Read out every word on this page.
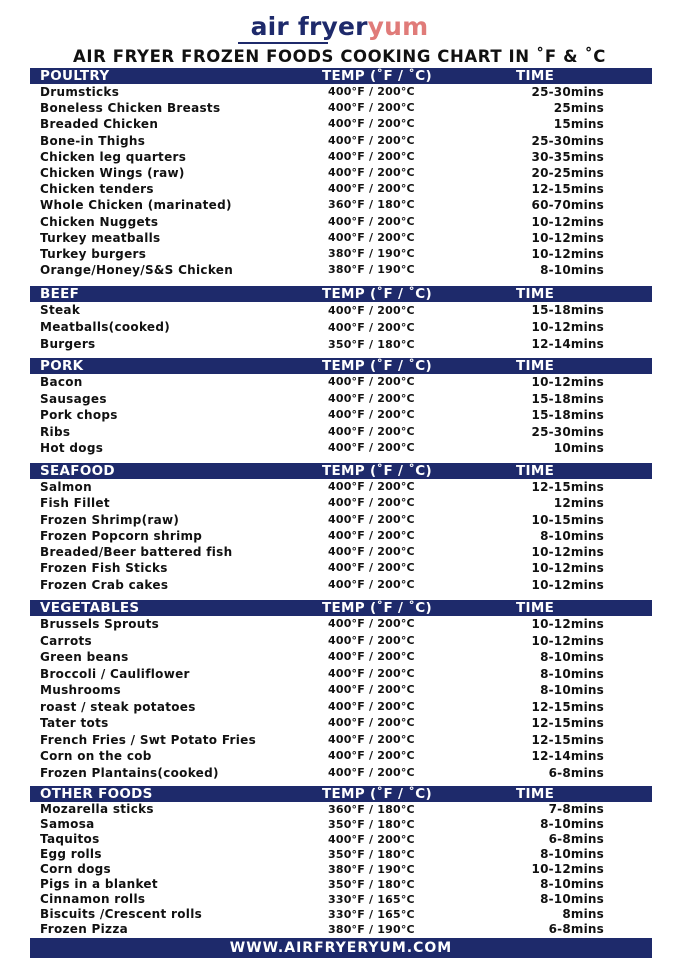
air fryeryum
AIR FRYER FROZEN FOODS COOKING CHART IN ˚F & ˚C
POULTRY	TEMP (˚F / ˚C)	TIME
Drumsticks	400°F / 200°C	25-30mins
Boneless Chicken Breasts	400°F / 200°C	25mins
Breaded Chicken	400°F / 200°C	15mins
Bone-in Thighs	400°F / 200°C	25-30mins
Chicken leg quarters	400°F / 200°C	30-35mins
Chicken Wings (raw)	400°F / 200°C	20-25mins
Chicken tenders	400°F / 200°C	12-15mins
Whole Chicken (marinated)	360°F / 180°C	60-70mins
Chicken Nuggets	400°F / 200°C	10-12mins
Turkey meatballs	400°F / 200°C	10-12mins
Turkey burgers	380°F / 190°C	10-12mins
Orange/Honey/S&S Chicken	380°F / 190°C	8-10mins
BEEF	TEMP (˚F / ˚C)	TIME
Steak	400°F / 200°C	15-18mins
Meatballs(cooked)	400°F / 200°C	10-12mins
Burgers	350°F / 180°C	12-14mins
PORK	TEMP (˚F / ˚C)	TIME
Bacon	400°F / 200°C	10-12mins
Sausages	400°F / 200°C	15-18mins
Pork chops	400°F / 200°C	15-18mins
Ribs	400°F / 200°C	25-30mins
Hot dogs	400°F / 200°C	10mins
SEAFOOD	TEMP (˚F / ˚C)	TIME
Salmon	400°F / 200°C	12-15mins
Fish Fillet	400°F / 200°C	12mins
Frozen Shrimp(raw)	400°F / 200°C	10-15mins
Frozen Popcorn shrimp	400°F / 200°C	8-10mins
Breaded/Beer battered fish	400°F / 200°C	10-12mins
Frozen Fish Sticks	400°F / 200°C	10-12mins
Frozen Crab cakes	400°F / 200°C	10-12mins
VEGETABLES	TEMP (˚F / ˚C)	TIME
Brussels Sprouts	400°F / 200°C	10-12mins
Carrots	400°F / 200°C	10-12mins
Green beans	400°F / 200°C	8-10mins
Broccoli / Cauliflower	400°F / 200°C	8-10mins
Mushrooms	400°F / 200°C	8-10mins
roast / steak potatoes	400°F / 200°C	12-15mins
Tater tots	400°F / 200°C	12-15mins
French Fries / Swt Potato Fries	400°F / 200°C	12-15mins
Corn on the cob	400°F / 200°C	12-14mins
Frozen Plantains(cooked)	400°F / 200°C	6-8mins
OTHER FOODS	TEMP (˚F / ˚C)	TIME
Mozarella sticks	360°F / 180°C	7-8mins
Samosa	350°F / 180°C	8-10mins
Taquitos	400°F / 200°C	6-8mins
Egg rolls	350°F / 180°C	8-10mins
Corn dogs	380°F / 190°C	10-12mins
Pigs in a blanket	350°F / 180°C	8-10mins
Cinnamon rolls	330°F / 165°C	8-10mins
Biscuits /Crescent rolls	330°F / 165°C	8mins
Frozen Pizza	380°F / 190°C	6-8mins
WWW.AIRFRYERYUM.COM
